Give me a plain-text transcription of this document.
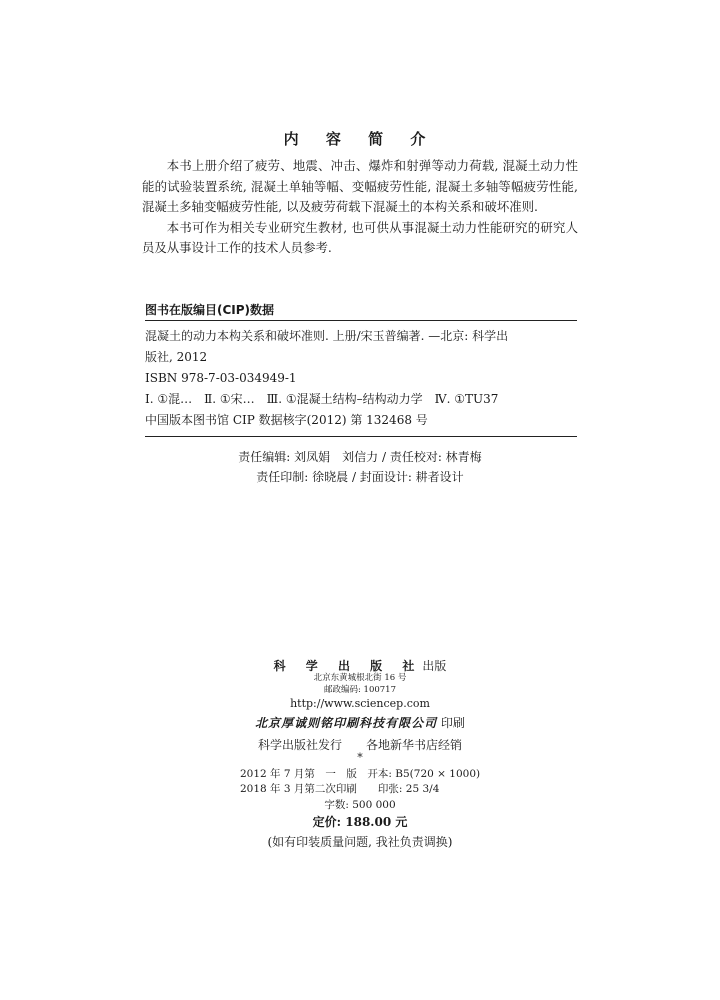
内 容 简 介

本书上册介绍了疲劳、地震、冲击、爆炸和射弹等动力荷载, 混凝土动力性能的试验装置系统, 混凝土单轴等幅、变幅疲劳性能, 混凝土多轴等幅疲劳性能, 混凝土多轴变幅疲劳性能, 以及疲劳荷载下混凝土的本构关系和破坏准则.

本书可作为相关专业研究生教材, 也可供从事混凝土动力性能研究的研究人员及从事设计工作的技术人员参考.

图书在版编目(CIP)数据
混凝土的动力本构关系和破坏准则. 上册/宋玉普编著. —北京: 科学出
版社, 2012
ISBN 978-7-03-034949-1
Ⅰ. ①混…　Ⅱ. ①宋…　Ⅲ. ①混凝土结构–结构动力学　Ⅳ. ①TU37
中国版本图书馆 CIP 数据核字(2012) 第 132468 号
责任编辑: 刘凤娟　刘信力 / 责任校对: 林青梅
责任印制: 徐晓晨 / 封面设计: 耕者设计
科 学 出 版 社出版
北京东黄城根北街 16 号
邮政编码: 100717
http://www.sciencep.com
北京厚诚则铭印刷科技有限公司 印刷
科学出版社发行　　各地新华书店经销
*
2012 年 7 月第　一　版　开本: B5(720 × 1000)
2018 年 3 月第二次印刷　　印张: 25 3/4
字数: 500 000
定价: 188.00 元
(如有印装质量问题, 我社负责调换)
